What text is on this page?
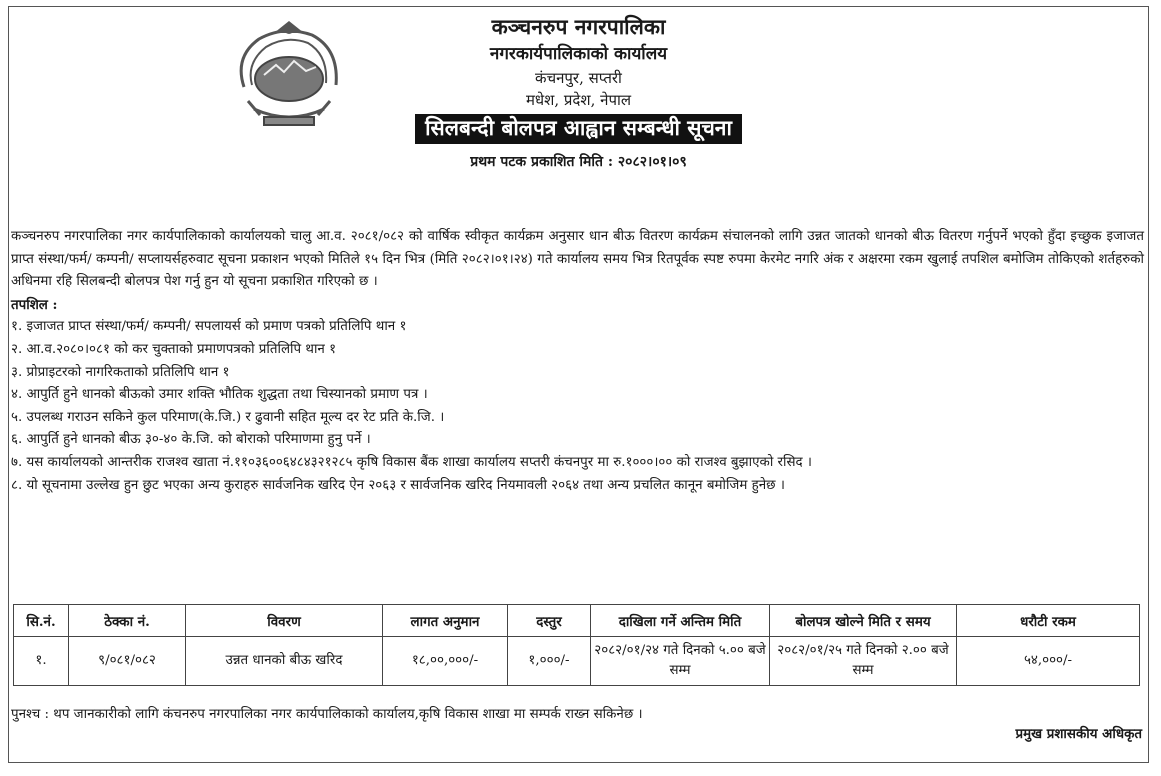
कञ्चनरुप नगरपालिका
नगरकार्यपालिकाको कार्यालय
कंचनपुर, सप्तरी
मधेश, प्रदेश, नेपाल
सिलबन्दी बोलपत्र आह्वान सम्बन्धी सूचना
प्रथम पटक प्रकाशित मिति : २०८२।०१।०९
कञ्चनरुप नगरपालिका नगर कार्यपालिकाको कार्यालयको चालु आ.व. २०८१/०८२ को वार्षिक स्वीकृत कार्यक्रम अनुसार धान बीऊ वितरण कार्यक्रम संचालनको लागि उन्नत जातको धानको बीऊ वितरण गर्नुपर्ने भएको हुँदा इच्छुक इजाजत प्राप्त संस्था/फर्म/ कम्पनी/ सप्लायर्सहरुवाट सूचना प्रकाशन भएको मितिले १५ दिन भित्र (मिति २०८२।०१।२४) गते कार्यालय समय भित्र रितपूर्वक स्पष्ट रुपमा केरमेट नगरि अंक र अक्षरमा रकम खुलाई तपशिल बमोजिम तोकिएको शर्तहरुको अधिनमा रहि सिलबन्दी बोलपत्र पेश गर्नु हुन यो सूचना प्रकाशित गरिएको छ ।
तपशिल :
१. इजाजत प्राप्त संस्था/फर्म/ कम्पनी/ सपलायर्स को प्रमाण पत्रको प्रतिलिपि थान १
२. आ.व.२०८०।०८१ को कर चुक्ताको प्रमाणपत्रको प्रतिलिपि थान १
३. प्रोप्राइटरको नागरिकताको प्रतिलिपि थान १
४. आपुर्ति हुने धानको बीऊको उमार शक्ति भौतिक शुद्धता तथा चिस्यानको प्रमाण पत्र ।
५. उपलब्ध गराउन सकिने कुल परिमाण(के.जि.) र ढुवानी सहित मूल्य दर रेट प्रति के.जि. ।
६. आपुर्ति हुने धानको बीऊ ३०-४० के.जि. को बोराको परिमाणमा हुनु पर्ने ।
७. यस कार्यालयको आन्तरीक राजश्व खाता नं.११०३६००६४८४३२१२८५ कृषि विकास बैंक शाखा कार्यालय सप्तरी कंचनपुर मा रु.१०००।०० को राजश्व बुझाएको रसिद ।
८. यो सूचनामा उल्लेख हुन छुट भएका अन्य कुराहरु सार्वजनिक खरिद ऐन २०६३ र सार्वजनिक खरिद नियमावली २०६४ तथा अन्य प्रचलित कानून बमोजिम हुनेछ ।
सि.नं.	ठेक्का नं.	विवरण	लागत अनुमान	दस्तुर	दाखिला गर्ने अन्तिम मिति	बोलपत्र खोल्ने मिति र समय	धरौटी रकम
१.	९/०८१/०८२	उन्नत धानको बीऊ खरिद	१८,००,०००/-	१,०००/-	२०८२/०१/२४ गते दिनको ५.०० बजे सम्म	२०८२/०१/२५ गते दिनको २.०० बजे सम्म	५४,०००/-
पुनश्च : थप जानकारीको लागि कंचनरुप नगरपालिका नगर कार्यपालिकाको कार्यालय,कृषि विकास शाखा मा सम्पर्क राख्न सकिनेछ ।
प्रमुख प्रशासकीय अधिकृत
